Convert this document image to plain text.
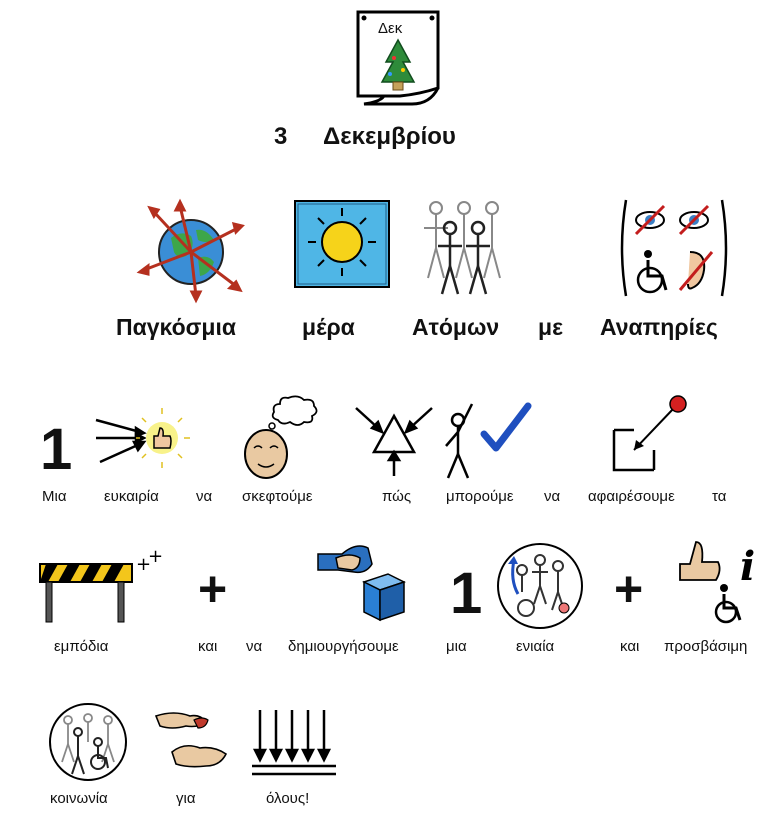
Δεκ
3 Δεκεμβρίου
Παγκόσμια	μέρα Ατόμων με Αναπηρίες
1
Μια	ευκαιρία να σκεφτούμε	πώς μπορούμε να αφαιρέσουμε τα
+
+
+	1	+ i
εμπόδια	και να δημιουργήσουμε	μια	ενιαία	και προσβάσιμη
κοινωνία	για	όλους!
